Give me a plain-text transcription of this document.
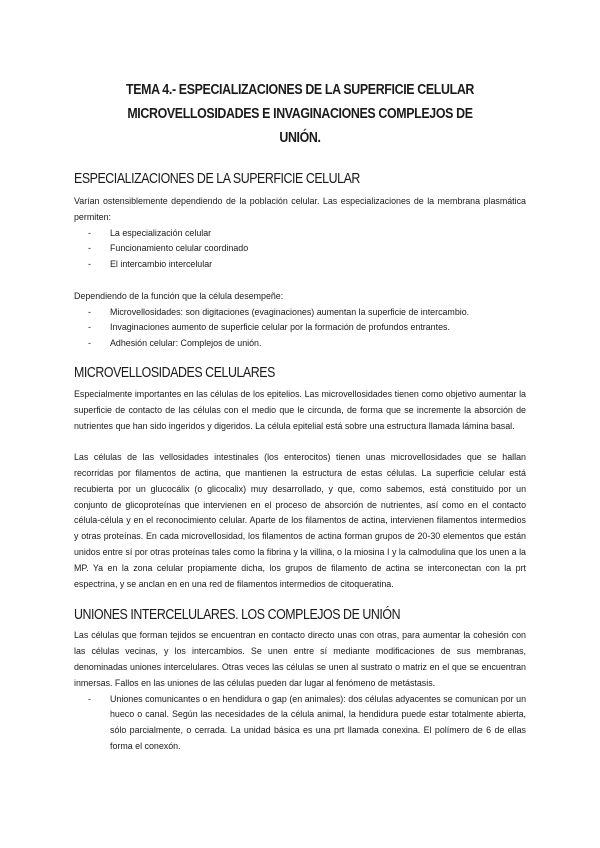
TEMA 4.- ESPECIALIZACIONES DE LA SUPERFICIE CELULAR
MICROVELLOSIDADES E INVAGINACIONES COMPLEJOS DE UNIÓN.
ESPECIALIZACIONES DE LA SUPERFICIE CELULAR

Varían ostensiblemente dependiendo de la población celular. Las especializaciones de la membrana plasmática permiten:

- La especialización celular
- Funcionamiento celular coordinado
- El intercambio intercelular

Dependiendo de la función que la célula desempeñe:

- Microvellosidades: son digitaciones (evaginaciones) aumentan la superficie de intercambio.
- Invaginaciones aumento de superficie celular por la formación de profundos entrantes.
- Adhesión celular: Complejos de unión.
MICROVELLOSIDADES CELULARES

Especialmente importantes en las células de los epitelios. Las microvellosidades tienen como objetivo aumentar la superficie de contacto de las células con el medio que le circunda, de forma que se incremente la absorción de nutrientes que han sido ingeridos y digeridos. La célula epitelial está sobre una estructura llamada lámina basal.

Las células de las vellosidades intestinales (los enterocitos) tienen unas microvellosidades que se hallan recorridas por filamentos de actina, que mantienen la estructura de estas células. La superficie celular está recubierta por un glucocálix (o glicocalix) muy desarrollado, y que, como sabemos, está constituido por un conjunto de glicoproteínas que intervienen en el proceso de absorción de nutrientes, así como en el contacto célula-célula y en el reconocimiento celular. Aparte de los filamentos de actina, intervienen filamentos intermedios y otras proteínas. En cada microvellosidad, los filamentos de actina forman grupos de 20-30 elementos que están unidos entre sí por otras proteínas tales como la fibrina y la villina, o la miosina I y la calmodulina que los unen a la MP. Ya en la zona celular propiamente dicha, los grupos de filamento de actina se interconectan con la prt espectrina, y se anclan en en una red de filamentos intermedios de citoqueratina.

UNIONES INTERCELULARES. LOS COMPLEJOS DE UNIÓN

Las células que forman tejidos se encuentran en contacto directo unas con otras, para aumentar la cohesión con las células vecinas, y los intercambios. Se unen entre sí mediante modificaciones de sus membranas, denominadas uniones intercelulares. Otras veces las células se unen al sustrato o matriz en el que se encuentran inmersas. Fallos en las uniones de las células pueden dar lugar al fenómeno de metástasis.

- Uniones comunicantes o en hendidura o gap (en animales): dos células adyacentes se comunican por un hueco o canal. Según las necesidades de la célula animal, la hendidura puede estar totalmente abierta, sólo parcialmente, o cerrada. La unidad básica es una prt llamada conexina. El polímero de 6 de ellas forma el conexón.
